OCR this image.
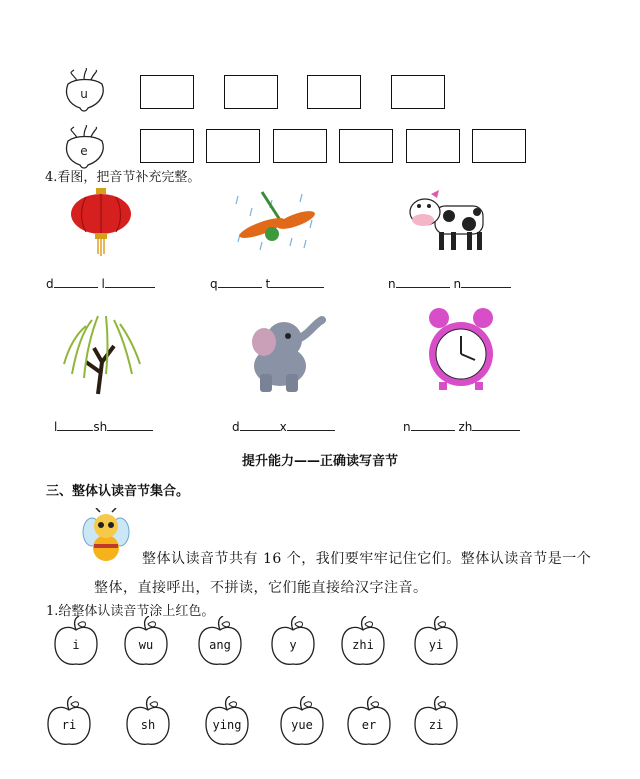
u
e
4.看图，把音节补充完整。
d	l	q	t	n	n
l	sh	d	x	n	zh
提升能力——正确读写音节
三、整体认读音节集合。
整体认读音节共有 16 个，我们要牢牢记住它们。整体认读音节是一个
整体，直接呼出，不拼读，它们能直接给汉字注音。
1.给整体认读音节涂上红色。
i	wu	ang	y	zhi	yi
ri	sh	ying	yue	er	zi
